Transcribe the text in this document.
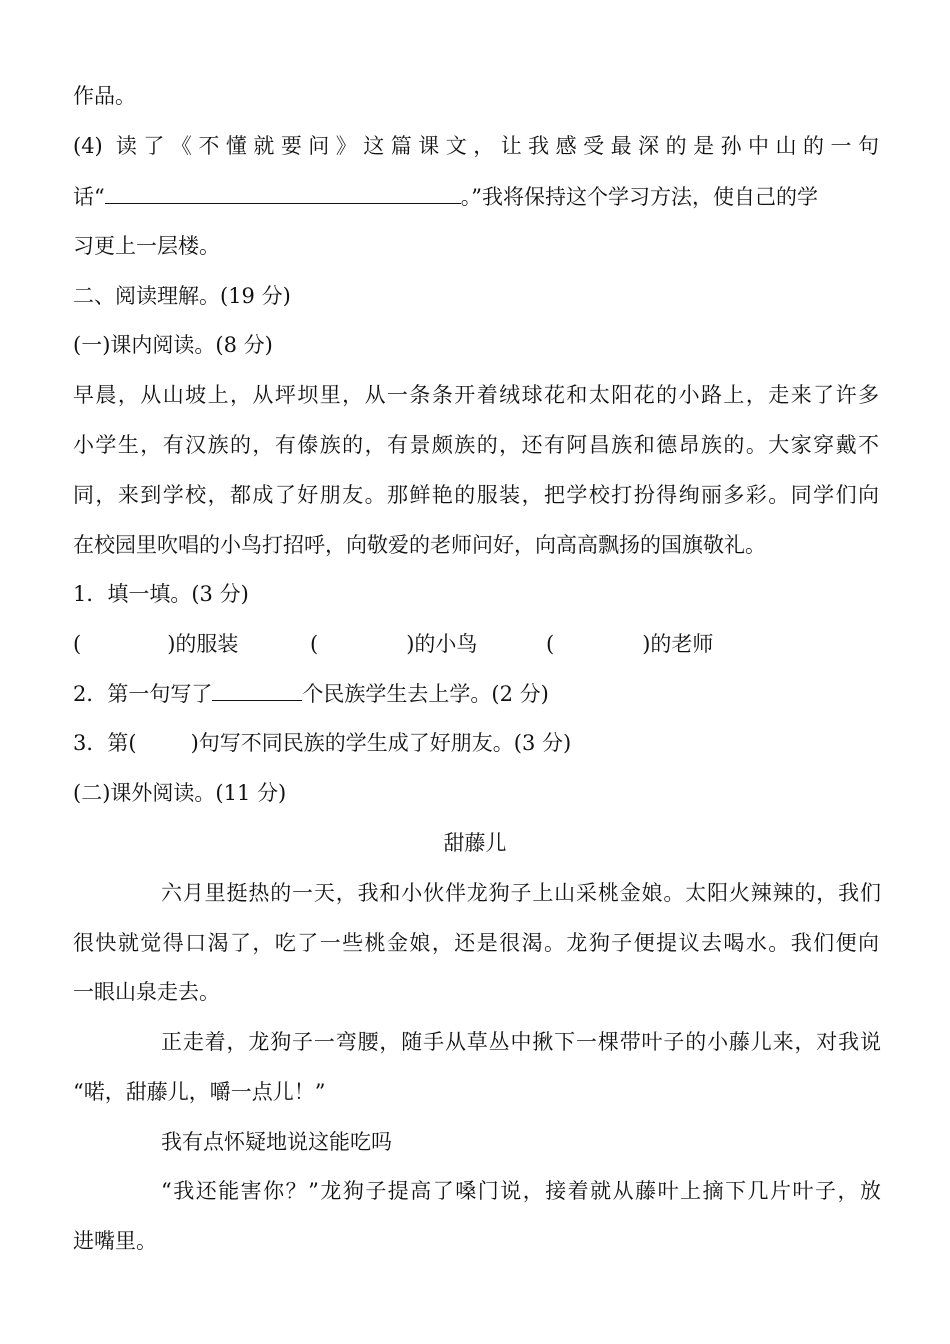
作品。
(4) 读了《不懂就要问》这篇课文，让我感受最深的是孙中山的一句
话“	。”我将保持这个学习方法，使自己的学
习更上一层楼。
二、阅读理解。(19 分)
(一)课内阅读。(8 分)
早晨，从山坡上，从坪坝里，从一条条开着绒球花和太阳花的小路上，走来了许多
小学生，有汉族的，有傣族的，有景颇族的，还有阿昌族和德昂族的。大家穿戴不
同，来到学校，都成了好朋友。那鲜艳的服装，把学校打扮得绚丽多彩。同学们向
在校园里吹唱的小鸟打招呼，向敬爱的老师问好，向高高飘扬的国旗敬礼。
1．填一填。(3 分)
(	)的服装	(	)的小鸟	(	)的老师
2．第一句写了	个民族学生去上学。(2 分)
3．第(	)句写不同民族的学生成了好朋友。(3 分)
(二)课外阅读。(11 分)
甜藤儿
六月里挺热的一天，我和小伙伴龙狗子上山采桃金娘。太阳火辣辣的，我们
很快就觉得口渴了，吃了一些桃金娘，还是很渴。龙狗子便提议去喝水。我们便向
一眼山泉走去。
正走着，龙狗子一弯腰，随手从草丛中揪下一棵带叶子的小藤儿来，对我说
“喏，甜藤儿，嚼一点儿！”
我有点怀疑地说这能吃吗
“我还能害你？”龙狗子提高了嗓门说，接着就从藤叶上摘下几片叶子，放
进嘴里。
